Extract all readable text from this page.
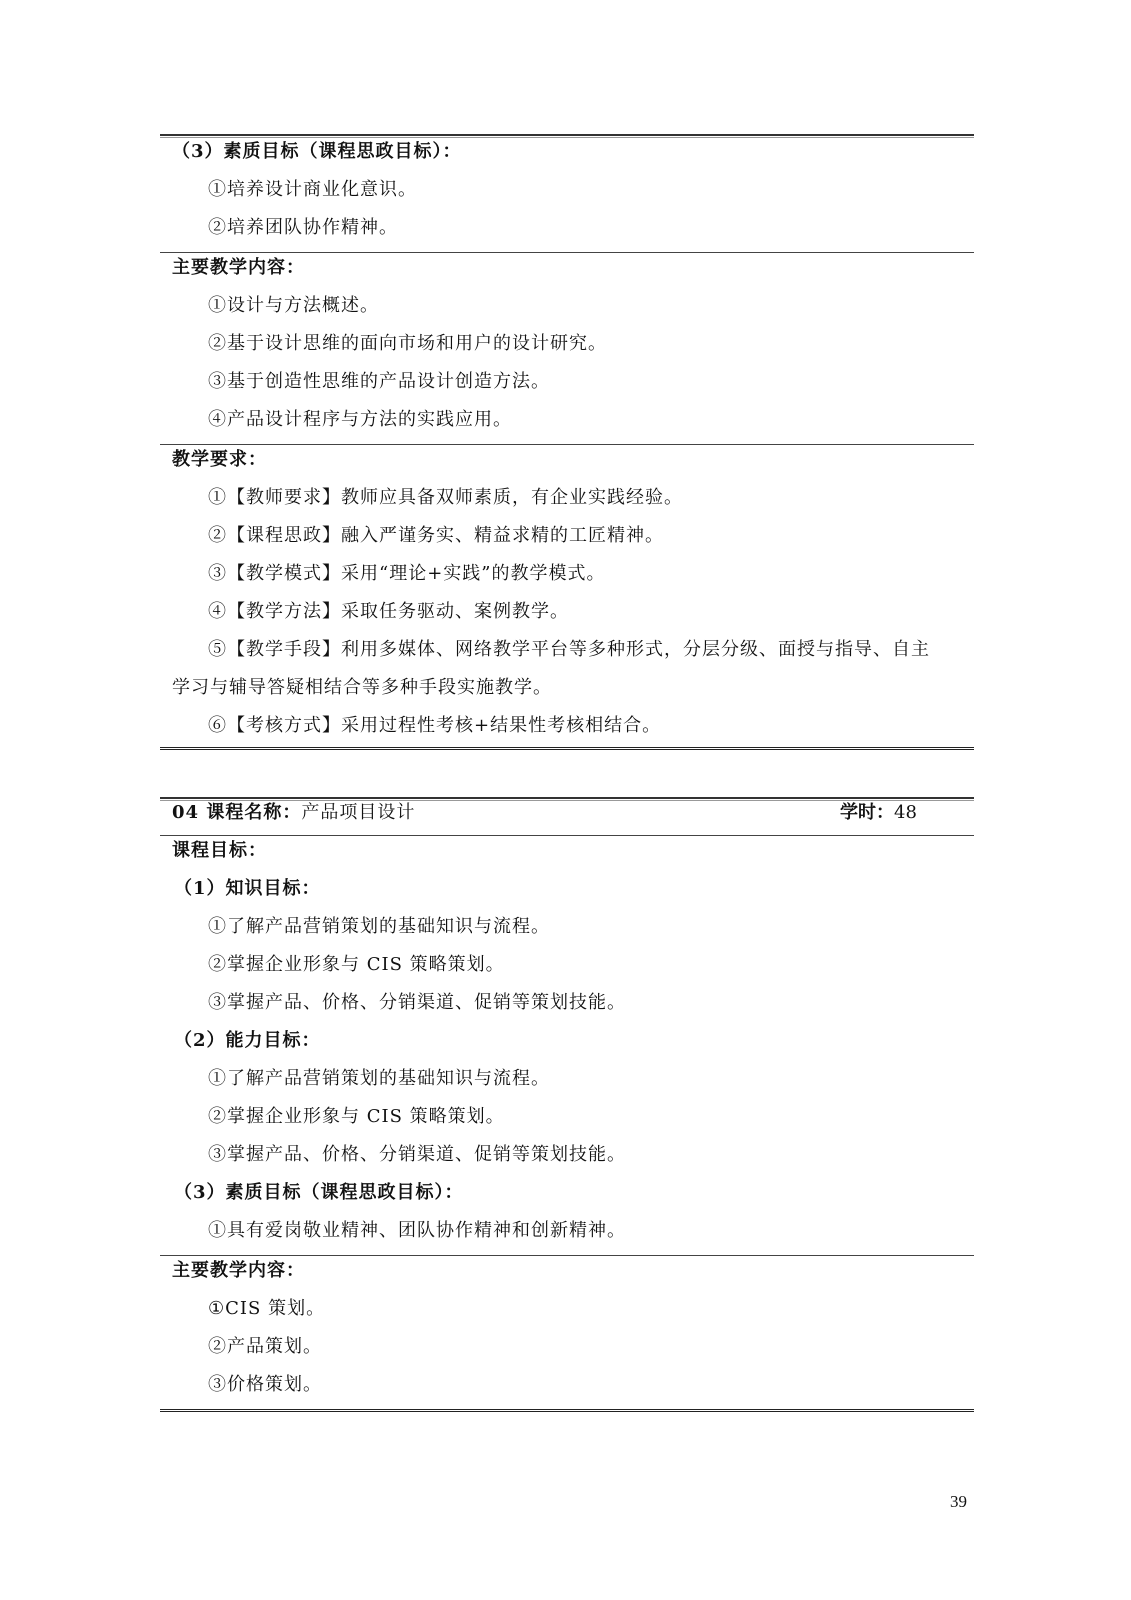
（3）素质目标（课程思政目标）：
①培养设计商业化意识。
②培养团队协作精神。
主要教学内容：
①设计与方法概述。
②基于设计思维的面向市场和用户的设计研究。
③基于创造性思维的产品设计创造方法。
④产品设计程序与方法的实践应用。
教学要求：
①【教师要求】教师应具备双师素质，有企业实践经验。
②【课程思政】融入严谨务实、精益求精的工匠精神。
③【教学模式】采用“理论+实践”的教学模式。
④【教学方法】采取任务驱动、案例教学。
⑤【教学手段】利用多媒体、网络教学平台等多种形式，分层分级、面授与指导、自主
学习与辅导答疑相结合等多种手段实施教学。
⑥【考核方式】采用过程性考核+结果性考核相结合。
04 课程名称：产品项目设计	学时：48
课程目标：
（1）知识目标：
①了解产品营销策划的基础知识与流程。
②掌握企业形象与 CIS 策略策划。
③掌握产品、价格、分销渠道、促销等策划技能。
（2）能力目标：
①了解产品营销策划的基础知识与流程。
②掌握企业形象与 CIS 策略策划。
③掌握产品、价格、分销渠道、促销等策划技能。
（3）素质目标（课程思政目标）：
①具有爱岗敬业精神、团队协作精神和创新精神。
主要教学内容：
①CIS 策划。
②产品策划。
③价格策划。
39
